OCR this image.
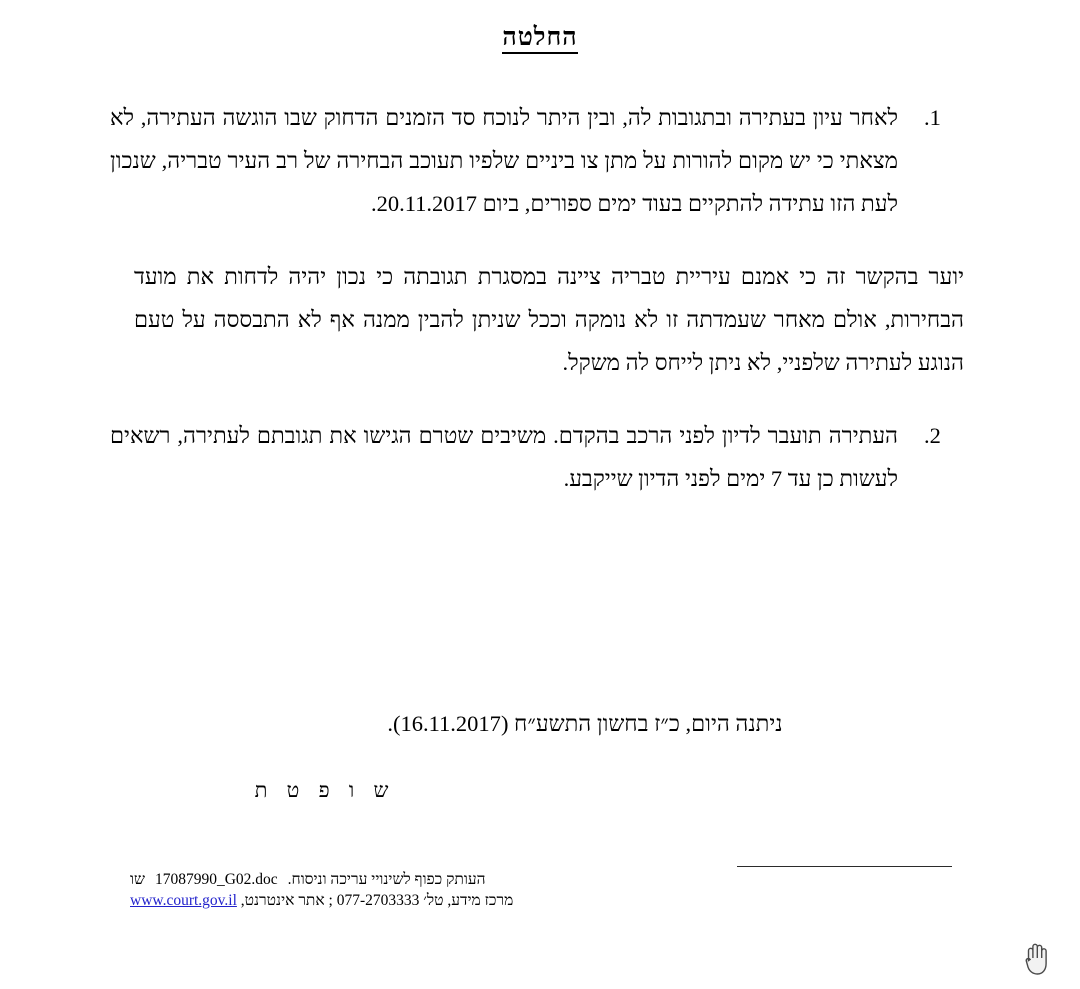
החלטה

.1
לאחר עיון בעתירה ובתגובות לה, ובין היתר לנוכח סד הזמנים הדחוק שבו הוגשה העתירה, לא מצאתי כי יש מקום להורות על מתן צו ביניים שלפיו תעוכב הבחירה של רב העיר טבריה, שנכון לעת הזו עתידה להתקיים בעוד ימים ספורים, ביום 20.11.2017.

יוער בהקשר זה כי אמנם עיריית טבריה ציינה במסגרת תגובתה כי נכון יהיה לדחות את מועד הבחירות, אולם מאחר שעמדתה זו לא נומקה וככל שניתן להבין ממנה אף לא התבססה על טעם הנוגע לעתירה שלפניי, לא ניתן לייחס לה משקל.

.2
העתירה תועבר לדיון לפני הרכב בהקדם. משיבים שטרם הגישו את תגובתם לעתירה, רשאים לעשות כן עד 7 ימים לפני הדיון שייקבע.

ניתנה היום, כ״ז בחשון התשע״ח (16.11.2017).
ש ו פ ט ת
העותק כפוף לשינויי עריכה וניסוח.17087990_G02.docשו
מרכז מידע, טל׳ 077-2703333 ; אתר אינטרנט, www.court.gov.il
